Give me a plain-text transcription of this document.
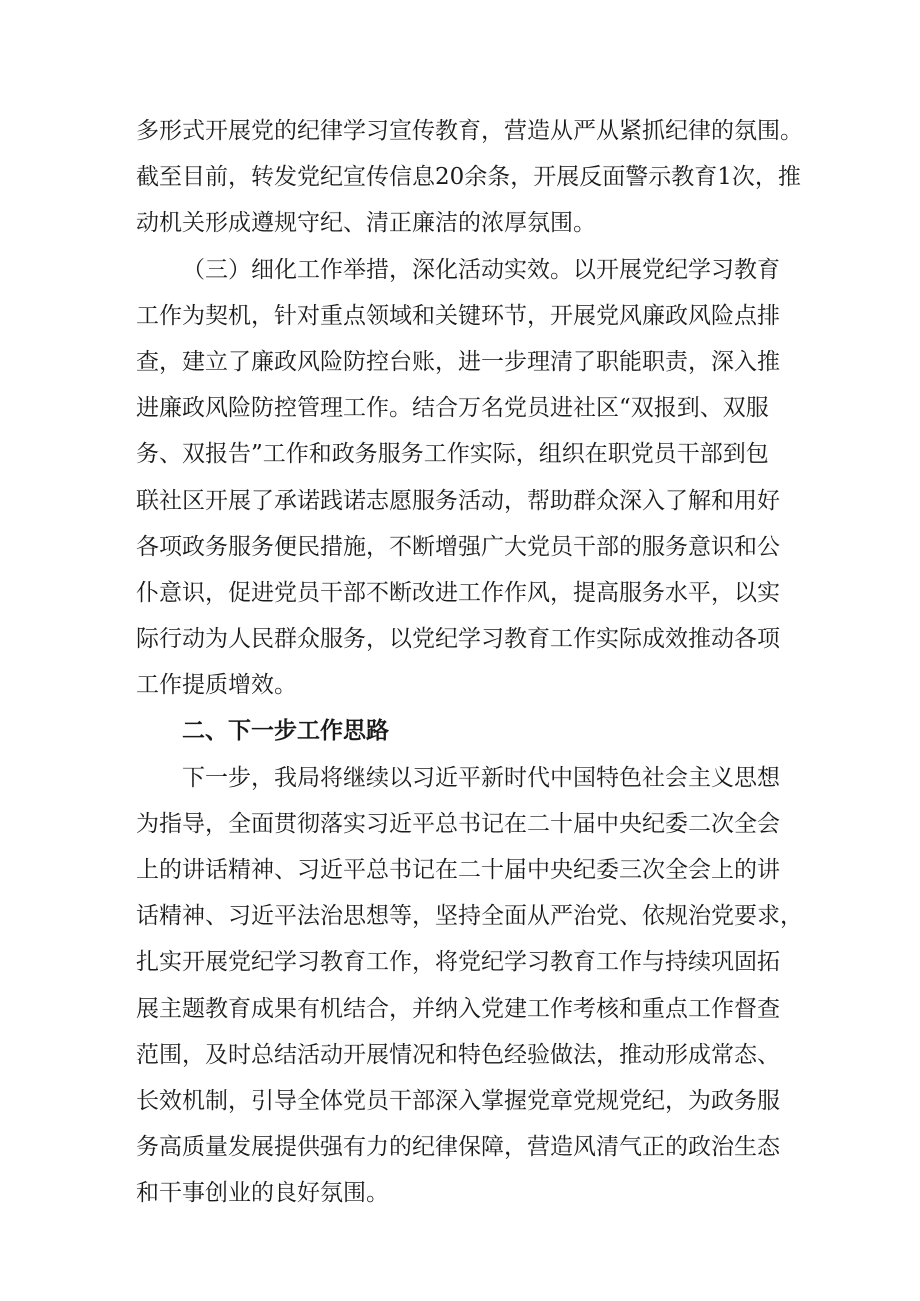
多形式开展党的纪律学习宣传教育，营造从严从紧抓纪律的氛围。
截至目前，转发党纪宣传信息20余条，开展反面警示教育1次，推
动机关形成遵规守纪、清正廉洁的浓厚氛围。
（三）细化工作举措，深化活动实效。以开展党纪学习教育
工作为契机，针对重点领域和关键环节，开展党风廉政风险点排
查，建立了廉政风险防控台账，进一步理清了职能职责，深入推
进廉政风险防控管理工作。结合万名党员进社区“双报到、双服
务、双报告”工作和政务服务工作实际，组织在职党员干部到包
联社区开展了承诺践诺志愿服务活动，帮助群众深入了解和用好
各项政务服务便民措施，不断增强广大党员干部的服务意识和公
仆意识，促进党员干部不断改进工作作风，提高服务水平，以实
际行动为人民群众服务，以党纪学习教育工作实际成效推动各项
工作提质增效。
二、下一步工作思路
下一步，我局将继续以习近平新时代中国特色社会主义思想
为指导，全面贯彻落实习近平总书记在二十届中央纪委二次全会
上的讲话精神、习近平总书记在二十届中央纪委三次全会上的讲
话精神、习近平法治思想等，坚持全面从严治党、依规治党要求，
扎实开展党纪学习教育工作，将党纪学习教育工作与持续巩固拓
展主题教育成果有机结合，并纳入党建工作考核和重点工作督查
范围，及时总结活动开展情况和特色经验做法，推动形成常态、
长效机制，引导全体党员干部深入掌握党章党规党纪，为政务服
务高质量发展提供强有力的纪律保障，营造风清气正的政治生态
和干事创业的良好氛围。
